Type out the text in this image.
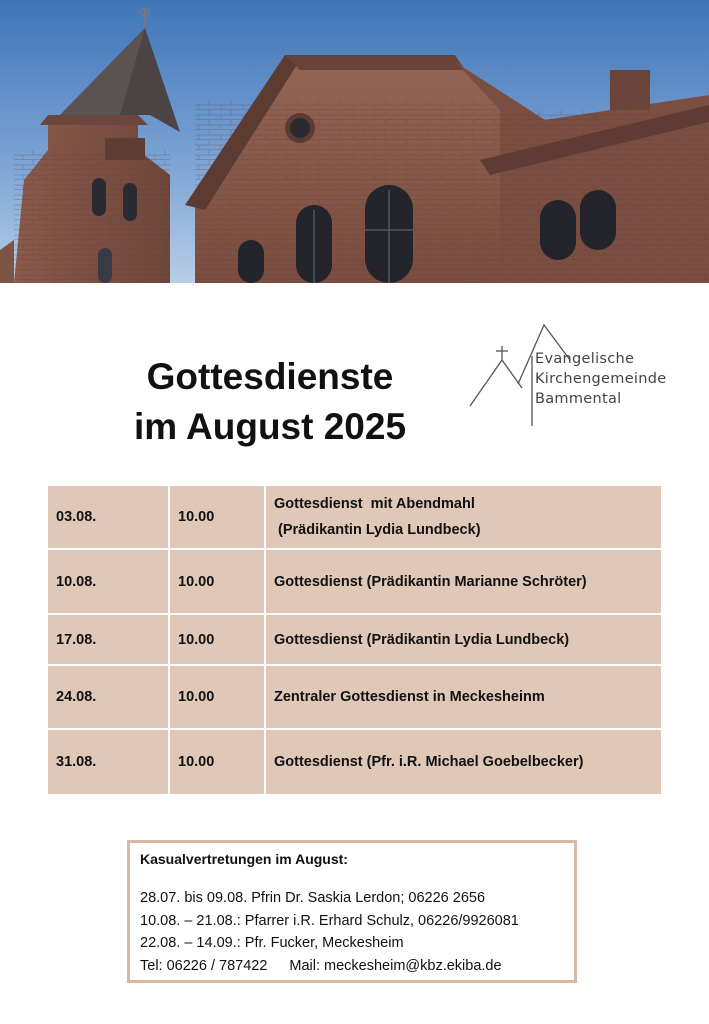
Gottesdienste
im August 2025
Evangelische
Kirchengemeinde
Bammental
03.08.	10.00	Gottesdienst  mit Abendmahl
(Prädikantin Lydia Lundbeck)

10.08.	10.00	Gottesdienst (Prädikantin Marianne Schröter)

17.08.	10.00	Gottesdienst (Prädikantin Lydia Lundbeck)

24.08.	10.00	Zentraler Gottesdienst in Meckesheinm

31.08.	10.00	Gottesdienst (Pfr. i.R. Michael Goebelbecker)
Kasualvertretungen im August:
28.07. bis 09.08. Pfrin Dr. Saskia Lerdon; 06226 2656
10.08. – 21.08.: Pfarrer i.R. Erhard Schulz, 06226/9926081
22.08. – 14.09.: Pfr. Fucker, Meckesheim
Tel: 06226 / 787422 Mail: meckesheim@kbz.ekiba.de
